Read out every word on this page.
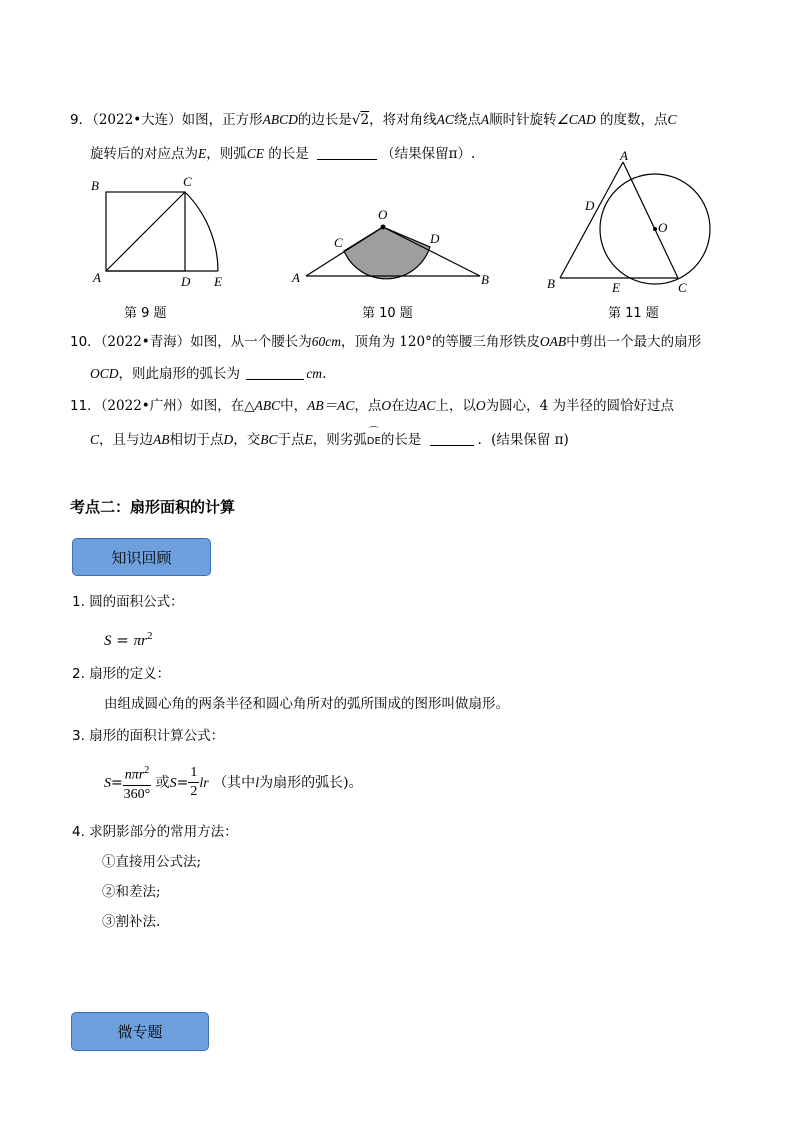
9．（2022•大连）如图，正方形ABCD的边长是√2，将对角线AC绕点A顺时针旋转∠CAD 的度数，点C
旋转后的对应点为E，则弧CE 的长是	（结果保留π）.
B	C
A	D E
第 9 题
O
C	D
A	B
第 10 题
A
D
O
B	E	C
第 11 题
10．（2022•青海）如图，从一个腰长为60cm，顶角为 120°的等腰三角形铁皮OAB中剪出一个最大的扇形
OCD，则此扇形的弧长为	cm.
11．（2022•广州）如图，在△ABC中，AB＝AC，点O在边AC上，以O为圆心，4 为半径的圆恰好过点
C，且与边AB相切于点D，交BC于点E，则劣弧 ⌒
DE的长是	．(结果保留 π)
考点二：扇形面积的计算
知识回顾
1. 圆的面积公式：
$S = \pi r^2$
2. 扇形的定义：
由组成圆心角的两条半径和圆心角所对的弧所围成的图形叫做扇形。
3. 扇形的面积计算公式：
$S= \frac{n\pi r^2}{360^\circ}$ 或$S= \frac{1}{2}$ lr （其中l为扇形的弧长)。
4. 求阴影部分的常用方法：
①直接用公式法;
②和差法;
③割补法.
微专题
